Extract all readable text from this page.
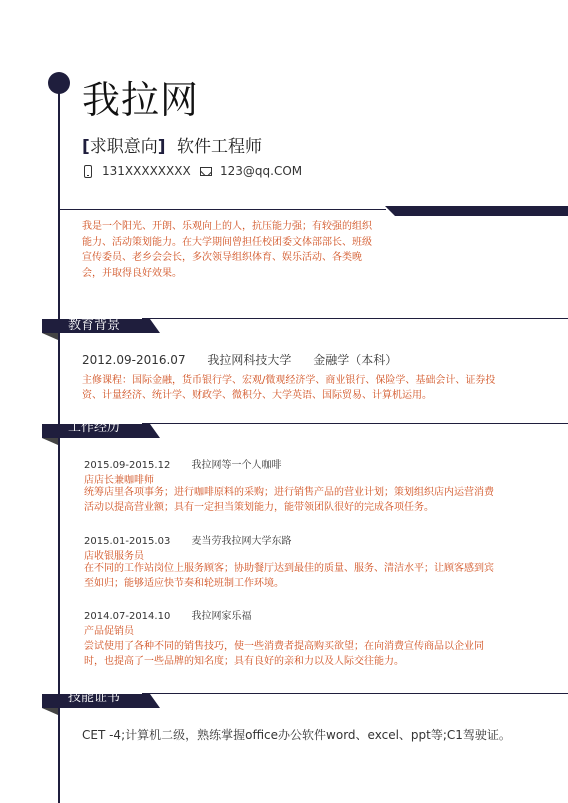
我拉网
[求职意向] 软件工程师
131XXXXXXXX 123@qq.COM
我是一个阳光、开朗、乐观向上的人，抗压能力强；有较强的组织能力、活动策划能力。在大学期间曾担任校团委文体部部长、班级宣传委员、老乡会会长，多次领导组织体育、娱乐活动、各类晚会，并取得良好效果。
教育背景
2012.09-2016.07 我拉网科技大学 金融学（本科）
主修课程：国际金融，货币银行学、宏观/微观经济学、商业银行、保险学、基础会计、证券投资、计量经济、统计学、财政学、微积分、大学英语、国际贸易、计算机运用。
工作经历
2015.09-2015.12 我拉网等一个人咖啡
店店长兼咖啡师
统筹店里各项事务；进行咖啡原料的采购；进行销售产品的营业计划；策划组织店内运营消费活动以提高营业额；具有一定担当策划能力，能带领团队很好的完成各项任务。
2015.01-2015.03 麦当劳我拉网大学东路
店收银服务员
在不同的工作站岗位上服务顾客；协助餐厅达到最佳的质量、服务、清洁水平；让顾客感到宾至如归；能够适应快节奏和轮班制工作环境。
2014.07-2014.10 我拉网家乐福
产品促销员
尝试使用了各种不同的销售技巧，使一些消费者提高购买欲望；在向消费宣传商品以企业同时，也提高了一些品牌的知名度；具有良好的亲和力以及人际交往能力。
技能证书
CET -4;计算机二级，熟练掌握office办公软件word、excel、ppt等;C1驾驶证。
